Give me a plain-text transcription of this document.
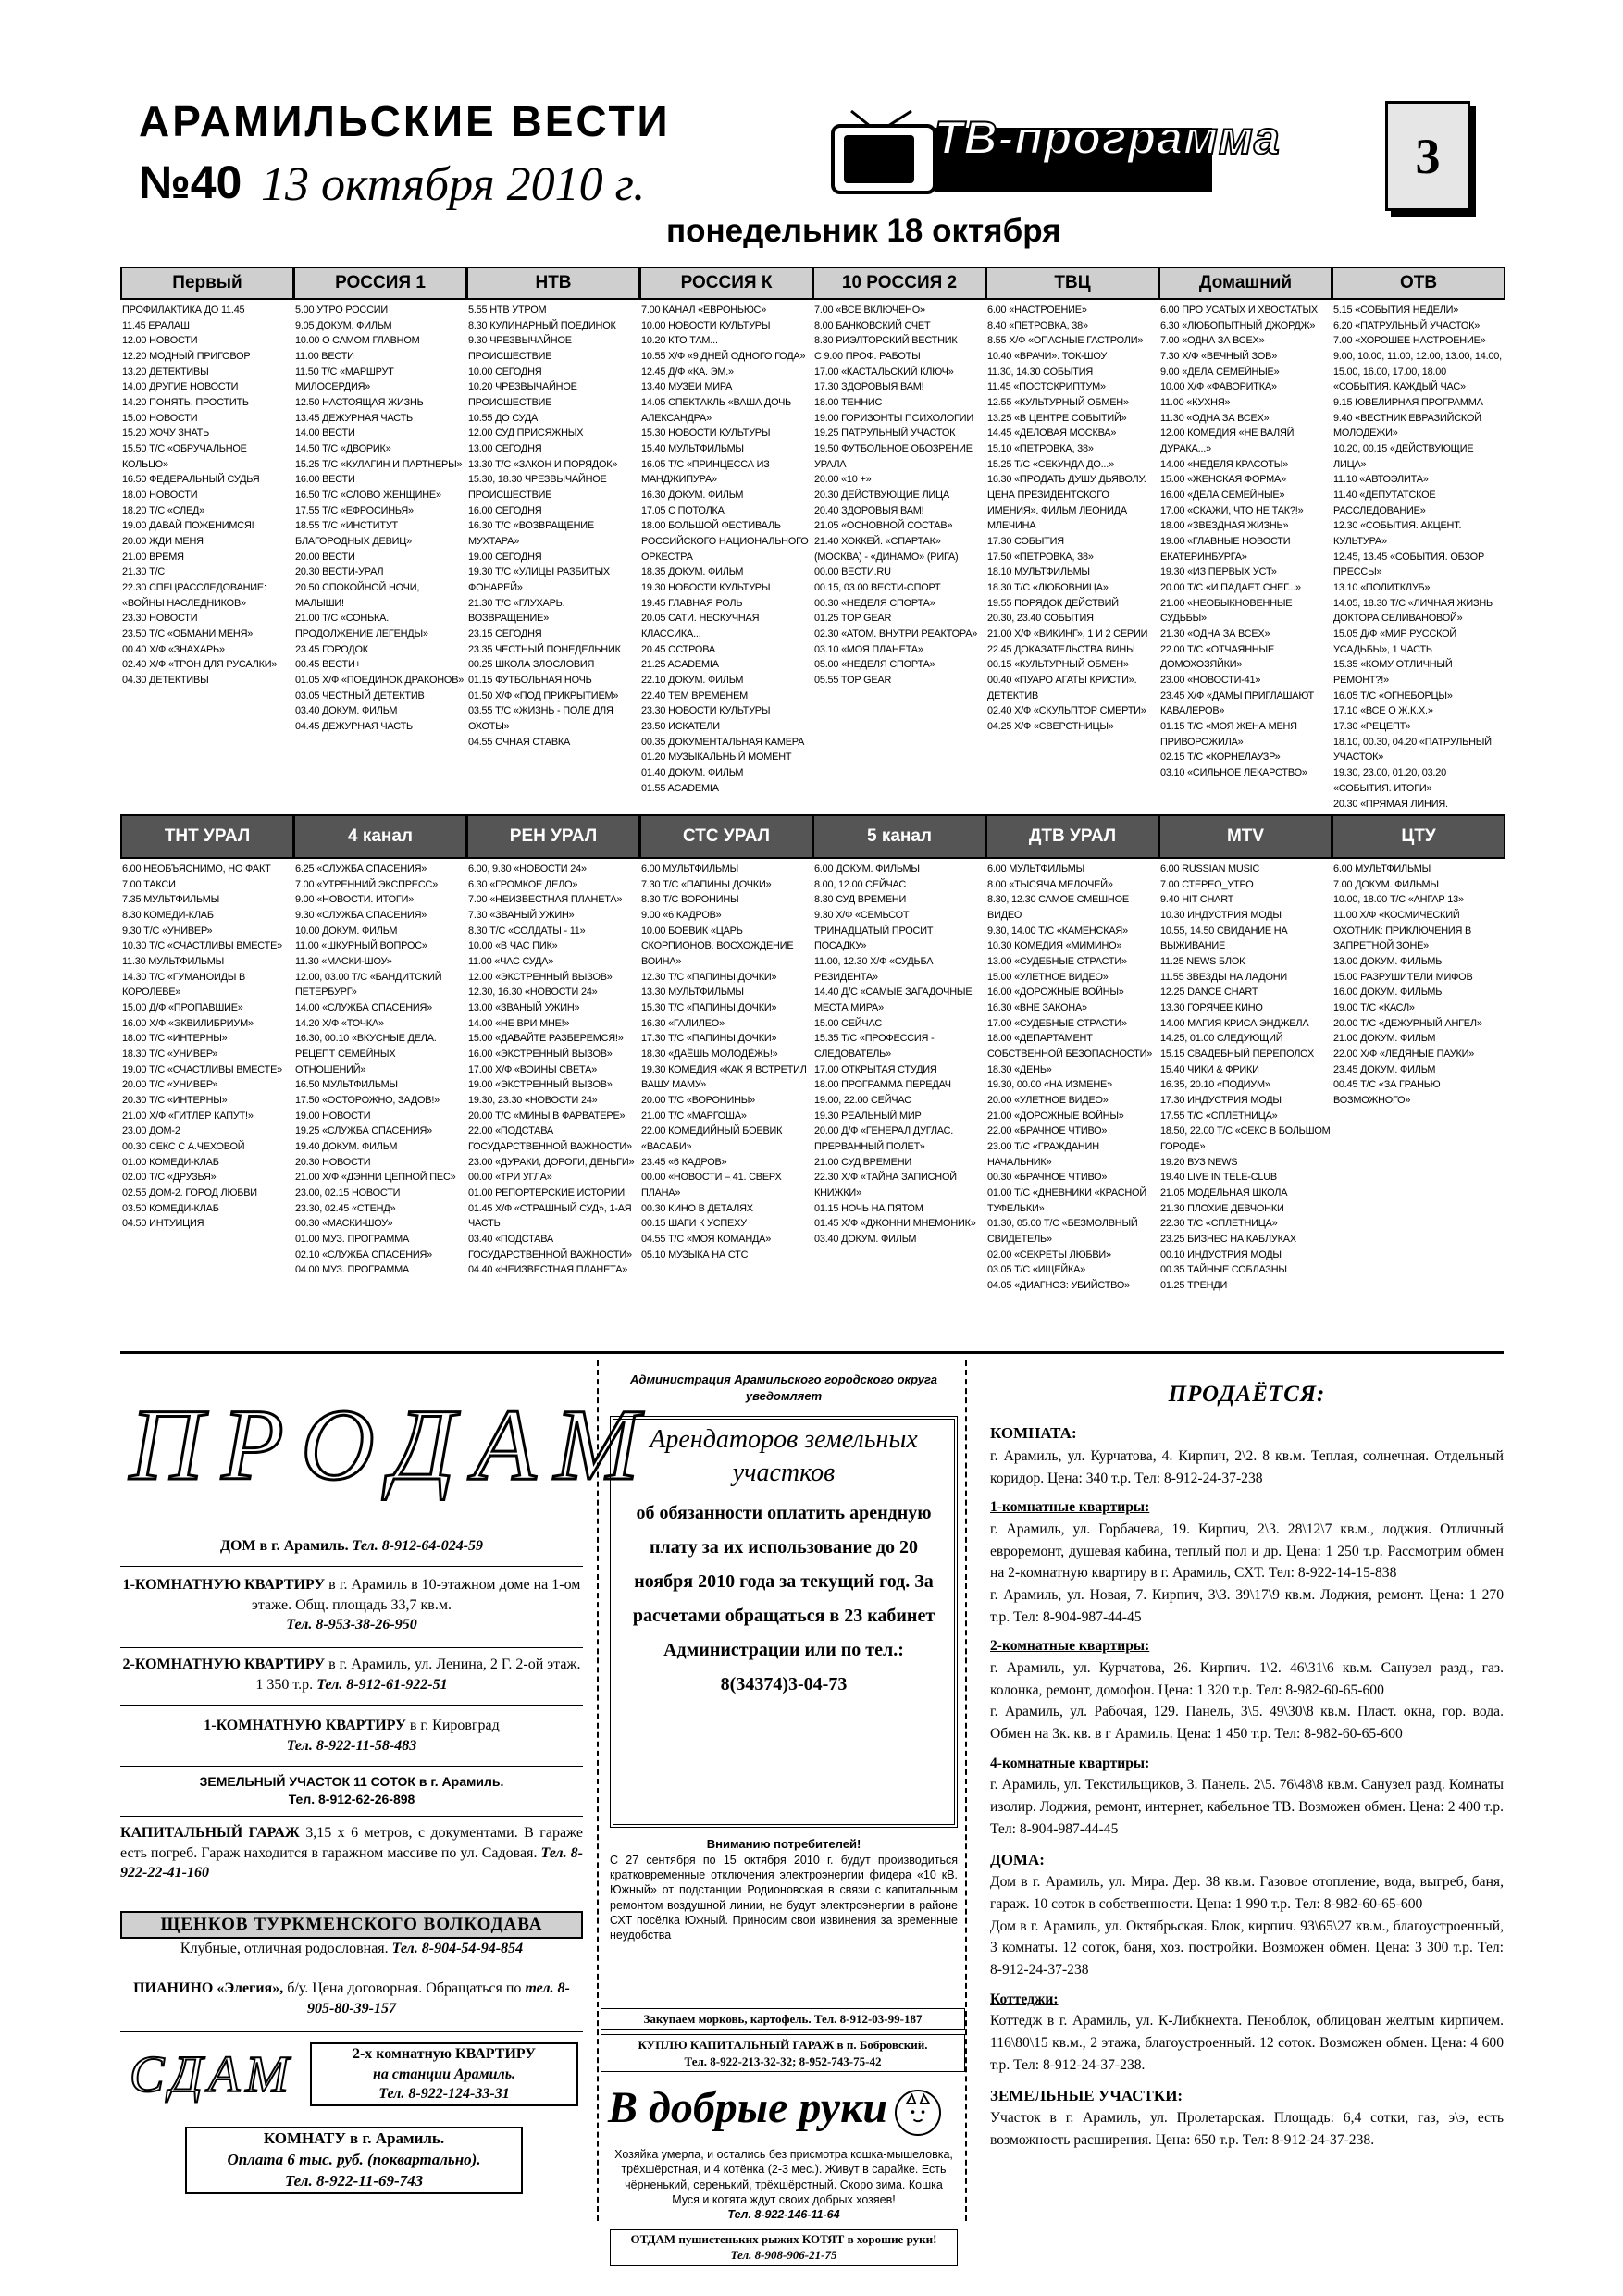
АРАМИЛЬСКИЕ ВЕСТИ
№40 13 октября 2010 г.
ТВ-программа
понедельник 18 октября
3
Первый
ПРОФИЛАКТИКА ДО 11.45
11.45 ЕРАЛАШ
12.00 НОВОСТИ
12.20 МОДНЫЙ ПРИГОВОР
13.20 ДЕТЕКТИВЫ
14.00 ДРУГИЕ НОВОСТИ
14.20 ПОНЯТЬ. ПРОСТИТЬ
15.00 НОВОСТИ
15.20 ХОЧУ ЗНАТЬ
15.50 Т/С «ОБРУЧАЛЬНОЕ КОЛЬЦО»
16.50 ФЕДЕРАЛЬНЫЙ СУДЬЯ
18.00 НОВОСТИ
18.20 Т/С «СЛЕД»
19.00 ДАВАЙ ПОЖЕНИМСЯ!
20.00 ЖДИ МЕНЯ
21.00 ВРЕМЯ
21.30 Т/С
22.30 СПЕЦРАССЛЕДОВАНИЕ: «ВОЙНЫ НАСЛЕДНИКОВ»
23.30 НОВОСТИ
23.50 Т/С «ОБМАНИ МЕНЯ»
00.40 Х/Ф «ЗНАХАРЬ»
02.40 Х/Ф «ТРОН ДЛЯ РУСАЛКИ»
04.30 ДЕТЕКТИВЫ
РОССИЯ 1
5.00 УТРО РОССИИ
9.05 ДОКУМ. ФИЛЬМ
10.00 О САМОМ ГЛАВНОМ
11.00 ВЕСТИ
11.50 Т/С «МАРШРУТ МИЛОСЕРДИЯ»
12.50 НАСТОЯЩАЯ ЖИЗНЬ
13.45 ДЕЖУРНАЯ ЧАСТЬ
14.00 ВЕСТИ
14.50 Т/С «ДВОРИК»
15.25 Т/С «КУЛАГИН И ПАРТНЕРЫ»
16.00 ВЕСТИ
16.50 Т/С «СЛОВО ЖЕНЩИНЕ»
17.55 Т/С «ЕФРОСИНЬЯ»
18.55 Т/С «ИНСТИТУТ БЛАГОРОДНЫХ ДЕВИЦ»
20.00 ВЕСТИ
20.30 ВЕСТИ-УРАЛ
20.50 СПОКОЙНОЙ НОЧИ, МАЛЫШИ!
21.00 Т/С «СОНЬКА. ПРОДОЛЖЕНИЕ ЛЕГЕНДЫ»
23.45 ГОРОДОК
00.45 ВЕСТИ+
01.05 Х/Ф «ПОЕДИНОК ДРАКОНОВ»
03.05 ЧЕСТНЫЙ ДЕТЕКТИВ
03.40 ДОКУМ. ФИЛЬМ
04.45 ДЕЖУРНАЯ ЧАСТЬ
НТВ
5.55 НТВ УТРОМ
8.30 КУЛИНАРНЫЙ ПОЕДИНОК
9.30 ЧРЕЗВЫЧАЙНОЕ ПРОИСШЕСТВИЕ
10.00 СЕГОДНЯ
10.20 ЧРЕЗВЫЧАЙНОЕ ПРОИСШЕСТВИЕ
10.55 ДО СУДА
12.00 СУД ПРИСЯЖНЫХ
13.00 СЕГОДНЯ
13.30 Т/С «ЗАКОН И ПОРЯДОК»
15.30, 18.30 ЧРЕЗВЫЧАЙНОЕ ПРОИСШЕСТВИЕ
16.00 СЕГОДНЯ
16.30 Т/С «ВОЗВРАЩЕНИЕ МУХТАРА»
19.00 СЕГОДНЯ
19.30 Т/С «УЛИЦЫ РАЗБИТЫХ ФОНАРЕЙ»
21.30 Т/С «ГЛУХАРЬ. ВОЗВРАЩЕНИЕ»
23.15 СЕГОДНЯ
23.35 ЧЕСТНЫЙ ПОНЕДЕЛЬНИК
00.25 ШКОЛА ЗЛОСЛОВИЯ
01.15 ФУТБОЛЬНАЯ НОЧЬ
01.50 Х/Ф «ПОД ПРИКРЫТИЕМ»
03.55 Т/С «ЖИЗНЬ - ПОЛЕ ДЛЯ ОХОТЫ»
04.55 ОЧНАЯ СТАВКА
РОССИЯ К
7.00 КАНАЛ «ЕВРОНЬЮС»
10.00 НОВОСТИ КУЛЬТУРЫ
10.20 КТО ТАМ...
10.55 Х/Ф «9 ДНЕЙ ОДНОГО ГОДА»
12.45 Д/Ф «КА. ЭМ.»
13.40 МУЗЕИ МИРА
14.05 СПЕКТАКЛЬ «ВАША ДОЧЬ АЛЕКСАНДРА»
15.30 НОВОСТИ КУЛЬТУРЫ
15.40 МУЛЬТФИЛЬМЫ
16.05 Т/С «ПРИНЦЕССА ИЗ МАНДЖИПУРА»
16.30 ДОКУМ. ФИЛЬМ
17.05 С ПОТОЛКА
18.00 БОЛЬШОЙ ФЕСТИВАЛЬ РОССИЙСКОГО НАЦИОНАЛЬНОГО ОРКЕСТРА
18.35 ДОКУМ. ФИЛЬМ
19.30 НОВОСТИ КУЛЬТУРЫ
19.45 ГЛАВНАЯ РОЛЬ
20.05 САТИ. НЕСКУЧНАЯ КЛАССИКА...
20.45 ОСТРОВА
21.25 ACADEMIA
22.10 ДОКУМ. ФИЛЬМ
22.40 ТЕМ ВРЕМЕНЕМ
23.30 НОВОСТИ КУЛЬТУРЫ
23.50 ИСКАТЕЛИ
00.35 ДОКУМЕНТАЛЬНАЯ КАМЕРА
01.20 МУЗЫКАЛЬНЫЙ МОМЕНТ
01.40 ДОКУМ. ФИЛЬМ
01.55 ACADEMIA
10 РОССИЯ 2
7.00 «ВСЕ ВКЛЮЧЕНО»
8.00 БАНКОВСКИЙ СЧЕТ
8.30 РИЭЛТОРСКИЙ ВЕСТНИК
С 9.00 ПРОФ. РАБОТЫ
17.00 «КАСТАЛЬСКИЙ КЛЮЧ»
17.30 ЗДОРОВЫЯ ВАМ!
18.00 ТЕННИС
19.00 ГОРИЗОНТЫ ПСИХОЛОГИИ
19.25 ПАТРУЛЬНЫЙ УЧАСТОК
19.50 ФУТБОЛЬНОЕ ОБОЗРЕНИЕ УРАЛА
20.00 «10 +»
20.30 ДЕЙСТВУЮЩИЕ ЛИЦА
20.40 ЗДОРОВЫЯ ВАМ!
21.05 «ОСНОВНОЙ СОСТАВ»
21.40 ХОККЕЙ. «СПАРТАК» (МОСКВА) - «ДИНАМО» (РИГА)
00.00 ВЕСТИ.RU
00.15, 03.00 ВЕСТИ-СПОРТ
00.30 «НЕДЕЛЯ СПОРТА»
01.25 TOP GEAR
02.30 «АТОМ. ВНУТРИ РЕАКТОРА»
03.10 «МОЯ ПЛАНЕТА»
05.00 «НЕДЕЛЯ СПОРТА»
05.55 TOP GEAR
ТВЦ
6.00 «НАСТРОЕНИЕ»
8.40 «ПЕТРОВКА, 38»
8.55 Х/Ф «ОПАСНЫЕ ГАСТРОЛИ»
10.40 «ВРАЧИ». ТОК-ШОУ
11.30, 14.30 СОБЫТИЯ
11.45 «ПОСТСКРИПТУМ»
12.55 «КУЛЬТУРНЫЙ ОБМЕН»
13.25 «В ЦЕНТРЕ СОБЫТИЙ»
14.45 «ДЕЛОВАЯ МОСКВА»
15.10 «ПЕТРОВКА, 38»
15.25 Т/С «СЕКУНДА ДО...»
16.30 «ПРОДАТЬ ДУШУ ДЬЯВОЛУ. ЦЕНА ПРЕЗИДЕНТСКОГО ИМЕНИЯ». ФИЛЬМ ЛЕОНИДА МЛЕЧИНА
17.30 СОБЫТИЯ
17.50 «ПЕТРОВКА, 38»
18.10 МУЛЬТФИЛЬМЫ
18.30 Т/С «ЛЮБОВНИЦА»
19.55 ПОРЯДОК ДЕЙСТВИЙ
20.30, 23.40 СОБЫТИЯ
21.00 Х/Ф «ВИКИНГ», 1 И 2 СЕРИИ
22.45 ДОКАЗАТЕЛЬСТВА ВИНЫ
00.15 «КУЛЬТУРНЫЙ ОБМЕН»
00.40 «ПУАРО АГАТЫ КРИСТИ». ДЕТЕКТИВ
02.40 Х/Ф «СКУЛЬПТОР СМЕРТИ»
04.25 Х/Ф «СВЕРСТНИЦЫ»
Домашний
6.00 ПРО УСАТЫХ И ХВОСТАТЫХ
6.30 «ЛЮБОПЫТНЫЙ ДЖОРДЖ»
7.00 «ОДНА ЗА ВСЕХ»
7.30 Х/Ф «ВЕЧНЫЙ ЗОВ»
9.00 «ДЕЛА СЕМЕЙНЫЕ»
10.00 Х/Ф «ФАВОРИТКА»
11.00 «КУХНЯ»
11.30 «ОДНА ЗА ВСЕХ»
12.00 КОМЕДИЯ «НЕ ВАЛЯЙ ДУРАКА...»
14.00 «НЕДЕЛЯ КРАСОТЫ»
15.00 «ЖЕНСКАЯ ФОРМА»
16.00 «ДЕЛА СЕМЕЙНЫЕ»
17.00 «СКАЖИ, ЧТО НЕ ТАК?!»
18.00 «ЗВЕЗДНАЯ ЖИЗНЬ»
19.00 «ГЛАВНЫЕ НОВОСТИ ЕКАТЕРИНБУРГА»
19.30 «ИЗ ПЕРВЫХ УСТ»
20.00 Т/С «И ПАДАЕТ СНЕГ...»
21.00 «НЕОБЫКНОВЕННЫЕ СУДЬБЫ»
21.30 «ОДНА ЗА ВСЕХ»
22.00 Т/С «ОТЧАЯННЫЕ ДОМОХОЗЯЙКИ»
23.00 «НОВОСТИ-41»
23.45 Х/Ф «ДАМЫ ПРИГЛАШАЮТ КАВАЛЕРОВ»
01.15 Т/С «МОЯ ЖЕНА МЕНЯ ПРИВОРОЖИЛА»
02.15 Т/С «КОРНЕЛАУЗР»
03.10 «СИЛЬНОЕ ЛЕКАРСТВО»
ОТВ
5.15 «СОБЫТИЯ НЕДЕЛИ»
6.20 «ПАТРУЛЬНЫЙ УЧАСТОК»
7.00 «ХОРОШЕЕ НАСТРОЕНИЕ»
9.00, 10.00, 11.00, 12.00, 13.00, 14.00, 15.00, 16.00, 17.00, 18.00 «СОБЫТИЯ. КАЖДЫЙ ЧАС»
9.15 ЮВЕЛИРНАЯ ПРОГРАММА
9.40 «ВЕСТНИК ЕВРАЗИЙСКОЙ МОЛОДЕЖИ»
10.20, 00.15 «ДЕЙСТВУЮЩИЕ ЛИЦА»
11.10 «АВТОЭЛИТА»
11.40 «ДЕПУТАТСКОЕ РАССЛЕДОВАНИЕ»
12.30 «СОБЫТИЯ. АКЦЕНТ. КУЛЬТУРА»
12.45, 13.45 «СОБЫТИЯ. ОБЗОР ПРЕССЫ»
13.10 «ПОЛИТКЛУБ»
14.05, 18.30 Т/С «ЛИЧНАЯ ЖИЗНЬ ДОКТОРА СЕЛИВАНОВОЙ»
15.05 Д/Ф «МИР РУССКОЙ УСАДЬБЫ», 1 ЧАСТЬ
15.35 «КОМУ ОТЛИЧНЫЙ РЕМОНТ?!»
16.05 Т/С «ОГНЕБОРЦЫ»
17.10 «ВСЕ О Ж.К.Х.»
17.30 «РЕЦЕПТ»
18.10, 00.30, 04.20 «ПАТРУЛЬНЫЙ УЧАСТОК»
19.30, 23.00, 01.20, 03.20 «СОБЫТИЯ. ИТОГИ»
20.30 «ПРЯМАЯ ЛИНИЯ.
ТНТ УРАЛ
6.00 НЕОБЪЯСНИМО, НО ФАКТ
7.00 ТАКСИ
7.35 МУЛЬТФИЛЬМЫ
8.30 КОМЕДИ-КЛАБ
9.30 Т/С «УНИВЕР»
10.30 Т/С «СЧАСТЛИВЫ ВМЕСТЕ»
11.30 МУЛЬТФИЛЬМЫ
14.30 Т/С «ГУМАНОИДЫ В КОРОЛЕВЕ»
15.00 Д/Ф «ПРОПАВШИЕ»
16.00 Х/Ф «ЭКВИЛИБРИУМ»
18.00 Т/С «ИНТЕРНЫ»
18.30 Т/С «УНИВЕР»
19.00 Т/С «СЧАСТЛИВЫ ВМЕСТЕ»
20.00 Т/С «УНИВЕР»
20.30 Т/С «ИНТЕРНЫ»
21.00 Х/Ф «ГИТЛЕР КАПУТ!»
23.00 ДОМ-2
00.30 СЕКС С А.ЧЕХОВОЙ
01.00 КОМЕДИ-КЛАБ
02.00 Т/С «ДРУЗЬЯ»
02.55 ДОМ-2. ГОРОД ЛЮБВИ
03.50 КОМЕДИ-КЛАБ
04.50 ИНТУИЦИЯ
4 канал
6.25 «СЛУЖБА СПАСЕНИЯ»
7.00 «УТРЕННИЙ ЭКСПРЕСС»
9.00 «НОВОСТИ. ИТОГИ»
9.30 «СЛУЖБА СПАСЕНИЯ»
10.00 ДОКУМ. ФИЛЬМ
11.00 «ШКУРНЫЙ ВОПРОС»
11.30 «МАСКИ-ШОУ»
12.00, 03.00 Т/С «БАНДИТСКИЙ ПЕТЕРБУРГ»
14.00 «СЛУЖБА СПАСЕНИЯ»
14.20 Х/Ф «ТОЧКА»
16.30, 00.10 «ВКУСНЫЕ ДЕЛА. РЕЦЕПТ СЕМЕЙНЫХ ОТНОШЕНИЙ»
16.50 МУЛЬТФИЛЬМЫ
17.50 «ОСТОРОЖНО, ЗАДОВ!»
19.00 НОВОСТИ
19.25 «СЛУЖБА СПАСЕНИЯ»
19.40 ДОКУМ. ФИЛЬМ
20.30 НОВОСТИ
21.00 Х/Ф «ДЭННИ ЦЕПНОЙ ПЕС»
23.00, 02.15 НОВОСТИ
23.30, 02.45 «СТЕНД»
00.30 «МАСКИ-ШОУ»
01.00 МУЗ. ПРОГРАММА
02.10 «СЛУЖБА СПАСЕНИЯ»
04.00 МУЗ. ПРОГРАММА
РЕН УРАЛ
6.00, 9.30 «НОВОСТИ 24»
6.30 «ГРОМКОЕ ДЕЛО»
7.00 «НЕИЗВЕСТНАЯ ПЛАНЕТА»
7.30 «ЗВАНЫЙ УЖИН»
8.30 Т/С «СОЛДАТЫ - 11»
10.00 «В ЧАС ПИК»
11.00 «ЧАС СУДА»
12.00 «ЭКСТРЕННЫЙ ВЫЗОВ»
12.30, 16.30 «НОВОСТИ 24»
13.00 «ЗВАНЫЙ УЖИН»
14.00 «НЕ ВРИ МНЕ!»
15.00 «ДАВАЙТЕ РАЗБЕРЕМСЯ!»
16.00 «ЭКСТРЕННЫЙ ВЫЗОВ»
17.00 Х/Ф «ВОИНЫ СВЕТА»
19.00 «ЭКСТРЕННЫЙ ВЫЗОВ»
19.30, 23.30 «НОВОСТИ 24»
20.00 Т/С «МИНЫ В ФАРВАТЕРЕ»
22.00 «ПОДСТАВА ГОСУДАРСТВЕННОЙ ВАЖНОСТИ»
23.00 «ДУРАКИ, ДОРОГИ, ДЕНЬГИ»
00.00 «ТРИ УГЛА»
01.00 РЕПОРТЕРСКИЕ ИСТОРИИ
01.45 Х/Ф «СТРАШНЫЙ СУД», 1-АЯ ЧАСТЬ
03.40 «ПОДСТАВА ГОСУДАРСТВЕННОЙ ВАЖНОСТИ»
04.40 «НЕИЗВЕСТНАЯ ПЛАНЕТА»
СТС УРАЛ
6.00 МУЛЬТФИЛЬМЫ
7.30 Т/С «ПАПИНЫ ДОЧКИ»
8.30 Т/С ВОРОНИНЫ
9.00 «6 КАДРОВ»
10.00 БОЕВИК «ЦАРЬ СКОРПИОНОВ. ВОСХОЖДЕНИЕ ВОИНА»
12.30 Т/С «ПАПИНЫ ДОЧКИ»
13.30 МУЛЬТФИЛЬМЫ
15.30 Т/С «ПАПИНЫ ДОЧКИ»
16.30 «ГАЛИЛЕО»
17.30 Т/С «ПАПИНЫ ДОЧКИ»
18.30 «ДАЁШЬ МОЛОДЁЖЬ!»
19.30 КОМЕДИЯ «КАК Я ВСТРЕТИЛ ВАШУ МАМУ»
20.00 Т/С «ВОРОНИНЫ»
21.00 Т/С «МАРГОША»
22.00 КОМЕДИЙНЫЙ БОЕВИК «ВАСАБИ»
23.45 «6 КАДРОВ»
00.00 «НОВОСТИ – 41. СВЕРХ ПЛАНА»
00.30 КИНО В ДЕТАЛЯХ
00.15 ШАГИ К УСПЕХУ
04.55 Т/С «МОЯ КОМАНДА»
05.10 МУЗЫКА НА СТС
5 канал
6.00 ДОКУМ. ФИЛЬМЫ
8.00, 12.00 СЕЙЧАС
8.30 СУД ВРЕМЕНИ
9.30 Х/Ф «СЕМЬСОТ ТРИНАДЦАТЫЙ ПРОСИТ ПОСАДКУ»
11.00, 12.30 Х/Ф «СУДЬБА РЕЗИДЕНТА»
14.40 Д/С «САМЫЕ ЗАГАДОЧНЫЕ МЕСТА МИРА»
15.00 СЕЙЧАС
15.35 Т/С «ПРОФЕССИЯ - СЛЕДОВАТЕЛЬ»
17.00 ОТКРЫТАЯ СТУДИЯ
18.00 ПРОГРАММА ПЕРЕДАЧ
19.00, 22.00 СЕЙЧАС
19.30 РЕАЛЬНЫЙ МИР
20.00 Д/Ф «ГЕНЕРАЛ ДУГЛАС. ПРЕРВАННЫЙ ПОЛЕТ»
21.00 СУД ВРЕМЕНИ
22.30 Х/Ф «ТАЙНА ЗАПИСНОЙ КНИЖКИ»
01.15 НОЧЬ НА ПЯТОМ
01.45 Х/Ф «ДЖОННИ МНЕМОНИК»
03.40 ДОКУМ. ФИЛЬМ
ДТВ УРАЛ
6.00 МУЛЬТФИЛЬМЫ
8.00 «ТЫСЯЧА МЕЛОЧЕЙ»
8.30, 12.30 САМОЕ СМЕШНОЕ ВИДЕО
9.30, 14.00 Т/С «КАМЕНСКАЯ»
10.30 КОМЕДИЯ «МИМИНО»
13.00 «СУДЕБНЫЕ СТРАСТИ»
15.00 «УЛЕТНОЕ ВИДЕО»
16.00 «ДОРОЖНЫЕ ВОЙНЫ»
16.30 «ВНЕ ЗАКОНА»
17.00 «СУДЕБНЫЕ СТРАСТИ»
18.00 «ДЕПАРТАМЕНТ СОБСТВЕННОЙ БЕЗОПАСНОСТИ»
18.30 «ДЕНЬ»
19.30, 00.00 «НА ИЗМЕНЕ»
20.00 «УЛЕТНОЕ ВИДЕО»
21.00 «ДОРОЖНЫЕ ВОЙНЫ»
22.00 «БРАЧНОЕ ЧТИВО»
23.00 Т/С «ГРАЖДАНИН НАЧАЛЬНИК»
00.30 «БРАЧНОЕ ЧТИВО»
01.00 Т/С «ДНЕВНИКИ «КРАСНОЙ ТУФЕЛЬКИ»
01.30, 05.00 Т/С «БЕЗМОЛВНЫЙ СВИДЕТЕЛЬ»
02.00 «СЕКРЕТЫ ЛЮБВИ»
03.05 Т/С «ИЩЕЙКА»
04.05 «ДИАГНОЗ: УБИЙСТВО»
MTV
6.00 RUSSIAN MUSIC
7.00 СТЕРЕО_УТРО
9.40 HIT CHART
10.30 ИНДУСТРИЯ МОДЫ
10.55, 14.50 СВИДАНИЕ НА ВЫЖИВАНИЕ
11.25 NEWS БЛОК
11.55 ЗВЕЗДЫ НА ЛАДОНИ
12.25 DANCE CHART
13.30 ГОРЯЧЕЕ КИНО
14.00 МАГИЯ КРИСА ЭНДЖЕЛА
14.25, 01.00 СЛЕДУЮЩИЙ
15.15 СВАДЕБНЫЙ ПЕРЕПОЛОХ
15.40 ЧИКИ & ФРИКИ
16.35, 20.10 «ПОДИУМ»
17.30 ИНДУСТРИЯ МОДЫ
17.55 Т/С «СПЛЕТНИЦА»
18.50, 22.00 Т/С «СЕКС В БОЛЬШОМ ГОРОДЕ»
19.20 ВУЗ NEWS
19.40 LIVE IN TELE-CLUB
21.05 МОДЕЛЬНАЯ ШКОЛА
21.30 ПЛОХИЕ ДЕВЧОНКИ
22.30 Т/С «СПЛЕТНИЦА»
23.25 БИЗНЕС НА КАБЛУКАХ
00.10 ИНДУСТРИЯ МОДЫ
00.35 ТАЙНЫЕ СОБЛАЗНЫ
01.25 ТРЕНДИ
ЦТУ
6.00 МУЛЬТФИЛЬМЫ
7.00 ДОКУМ. ФИЛЬМЫ
10.00, 18.00 Т/С «АНГАР 13»
11.00 Х/Ф «КОСМИЧЕСКИЙ ОХОТНИК: ПРИКЛЮЧЕНИЯ В ЗАПРЕТНОЙ ЗОНЕ»
13.00 ДОКУМ. ФИЛЬМЫ
15.00 РАЗРУШИТЕЛИ МИФОВ
16.00 ДОКУМ. ФИЛЬМЫ
19.00 Т/С «КАСЛ»
20.00 Т/С «ДЕЖУРНЫЙ АНГЕЛ»
21.00 ДОКУМ. ФИЛЬМ
22.00 Х/Ф «ЛЕДЯНЫЕ ПАУКИ»
23.45 ДОКУМ. ФИЛЬМ
00.45 Т/С «ЗА ГРАНЬЮ ВОЗМОЖНОГО»
ПРОДАМ
ДОМ в г. Арамиль. Тел. 8-912-64-024-59
1-КОМНАТНУЮ КВАРТИРУ в г. Арамиль в 10-этажном доме на 1-ом этаже. Общ. площадь 33,7 кв.м.
Тел. 8-953-38-26-950
2-КОМНАТНУЮ КВАРТИРУ в г. Арамиль, ул. Ленина, 2 Г. 2-ой этаж. 1 350 т.р. Тел. 8-912-61-922-51
1-КОМНАТНУЮ КВАРТИРУ в г. Кировград
Тел. 8-922-11-58-483
ЗЕМЕЛЬНЫЙ УЧАСТОК 11 СОТОК в г. Арамиль.
Тел. 8-912-62-26-898
КАПИТАЛЬНЫЙ ГАРАЖ 3,15 х 6 метров, с документами. В гараже есть погреб. Гараж находится в гаражном массиве по ул. Садовая. Тел. 8-922-22-41-160
ЩЕНКОВ ТУРКМЕНСКОГО ВОЛКОДАВА
Клубные, отличная родословная. Тел. 8-904-54-94-854
ПИАНИНО «Элегия», б/у. Цена договорная. Обращаться по тел. 8-905-80-39-157
СДАМ	2-х комнатную КВАРТИРУ
на станции Арамиль.
Тел. 8-922-124-33-31
КОМНАТУ в г. Арамиль.
Оплата 6 тыс. руб. (поквартально).
Тел. 8-922-11-69-743
Администрация Арамильского городского округа уведомляет
Арендаторов земельных участков
об обязанности оплатить арендную плату за их использование до 20 ноября 2010 года за текущий год. За расчетами обращаться в 23 кабинет Администрации или по тел.: 8(34374)3-04-73
Вниманию потребителей!
С 27 сентября по 15 октября 2010 г. будут производиться кратковременные отключения электроэнергии фидера «10 кВ. Южный» от подстанции Родионовская в связи с капитальным ремонтом воздушной линии, не будут электроэнергии в районе СХТ посёлка Южный. Приносим свои извинения за временные неудобства
Закупаем морковь, картофель. Тел. 8-912-03-99-187
КУПЛЮ КАПИТАЛЬНЫЙ ГАРАЖ в п. Бобровский.
Тел. 8-922-213-32-32; 8-952-743-75-42
В добрые руки
Хозяйка умерла, и остались без присмотра кошка-мышеловка, трёхшёрстная, и 4 котёнка (2-3 мес.). Живут в сарайке. Есть чёрненький, серенький, трёхшёрстный. Скоро зима. Кошка Муся и котята ждут своих добрых хозяев!
Тел. 8-922-146-11-64
ОТДАМ пушистеньких рыжих КОТЯТ в хорошие руки!
Тел. 8-908-906-21-75
ПРОДАЁТСЯ:
КОМНАТА:

г. Арамиль, ул. Курчатова, 4. Кирпич, 2\2. 8 кв.м. Теплая, солнечная. Отдельный коридор. Цена: 340 т.р. Тел: 8-912-24-37-238

1-комнатные квартиры:

г. Арамиль, ул. Горбачева, 19. Кирпич, 2\3. 28\12\7 кв.м., лоджия. Отличный евроремонт, душевая кабина, теплый пол и др. Цена: 1 250 т.р. Рассмотрим обмен на 2-комнатную квартиру в г. Арамиль, СХТ. Тел: 8-922-14-15-838

г. Арамиль, ул. Новая, 7. Кирпич, 3\3. 39\17\9 кв.м. Лоджия, ремонт. Цена: 1 270 т.р. Тел: 8-904-987-44-45

2-комнатные квартиры:

г. Арамиль, ул. Курчатова, 26. Кирпич. 1\2. 46\31\6 кв.м. Санузел разд., газ. колонка, ремонт, домофон. Цена: 1 320 т.р. Тел: 8-982-60-65-600

г. Арамиль, ул. Рабочая, 129. Панель, 3\5. 49\30\8 кв.м. Пласт. окна, гор. вода. Обмен на 3к. кв. в г Арамиль. Цена: 1 450 т.р. Тел: 8-982-60-65-600

4-комнатные квартиры:

г. Арамиль, ул. Текстильщиков, 3. Панель. 2\5. 76\48\8 кв.м. Санузел разд. Комнаты изолир. Лоджия, ремонт, интернет, кабельное ТВ. Возможен обмен. Цена: 2 400 т.р. Тел: 8-904-987-44-45

ДОМА:

Дом в г. Арамиль, ул. Мира. Дер. 38 кв.м. Газовое отопление, вода, выгреб, баня, гараж. 10 соток в собственности. Цена: 1 990 т.р. Тел: 8-982-60-65-600

Дом в г. Арамиль, ул. Октябрьская. Блок, кирпич. 93\65\27 кв.м., благоустроенный, 3 комнаты. 12 соток, баня, хоз. постройки. Возможен обмен. Цена: 3 300 т.р. Тел: 8-912-24-37-238

Коттеджи:

Коттедж в г. Арамиль, ул. К-Либкнехта. Пеноблок, облицован желтым кирпичем. 116\80\15 кв.м., 2 этажа, благоустроенный. 12 соток. Возможен обмен. Цена: 4 600 т.р. Тел: 8-912-24-37-238.

ЗЕМЕЛЬНЫЕ УЧАСТКИ:

Участок в г. Арамиль, ул. Пролетарская. Площадь: 6,4 сотки, газ, э\э, есть возможность расширения. Цена: 650 т.р. Тел: 8-912-24-37-238.
